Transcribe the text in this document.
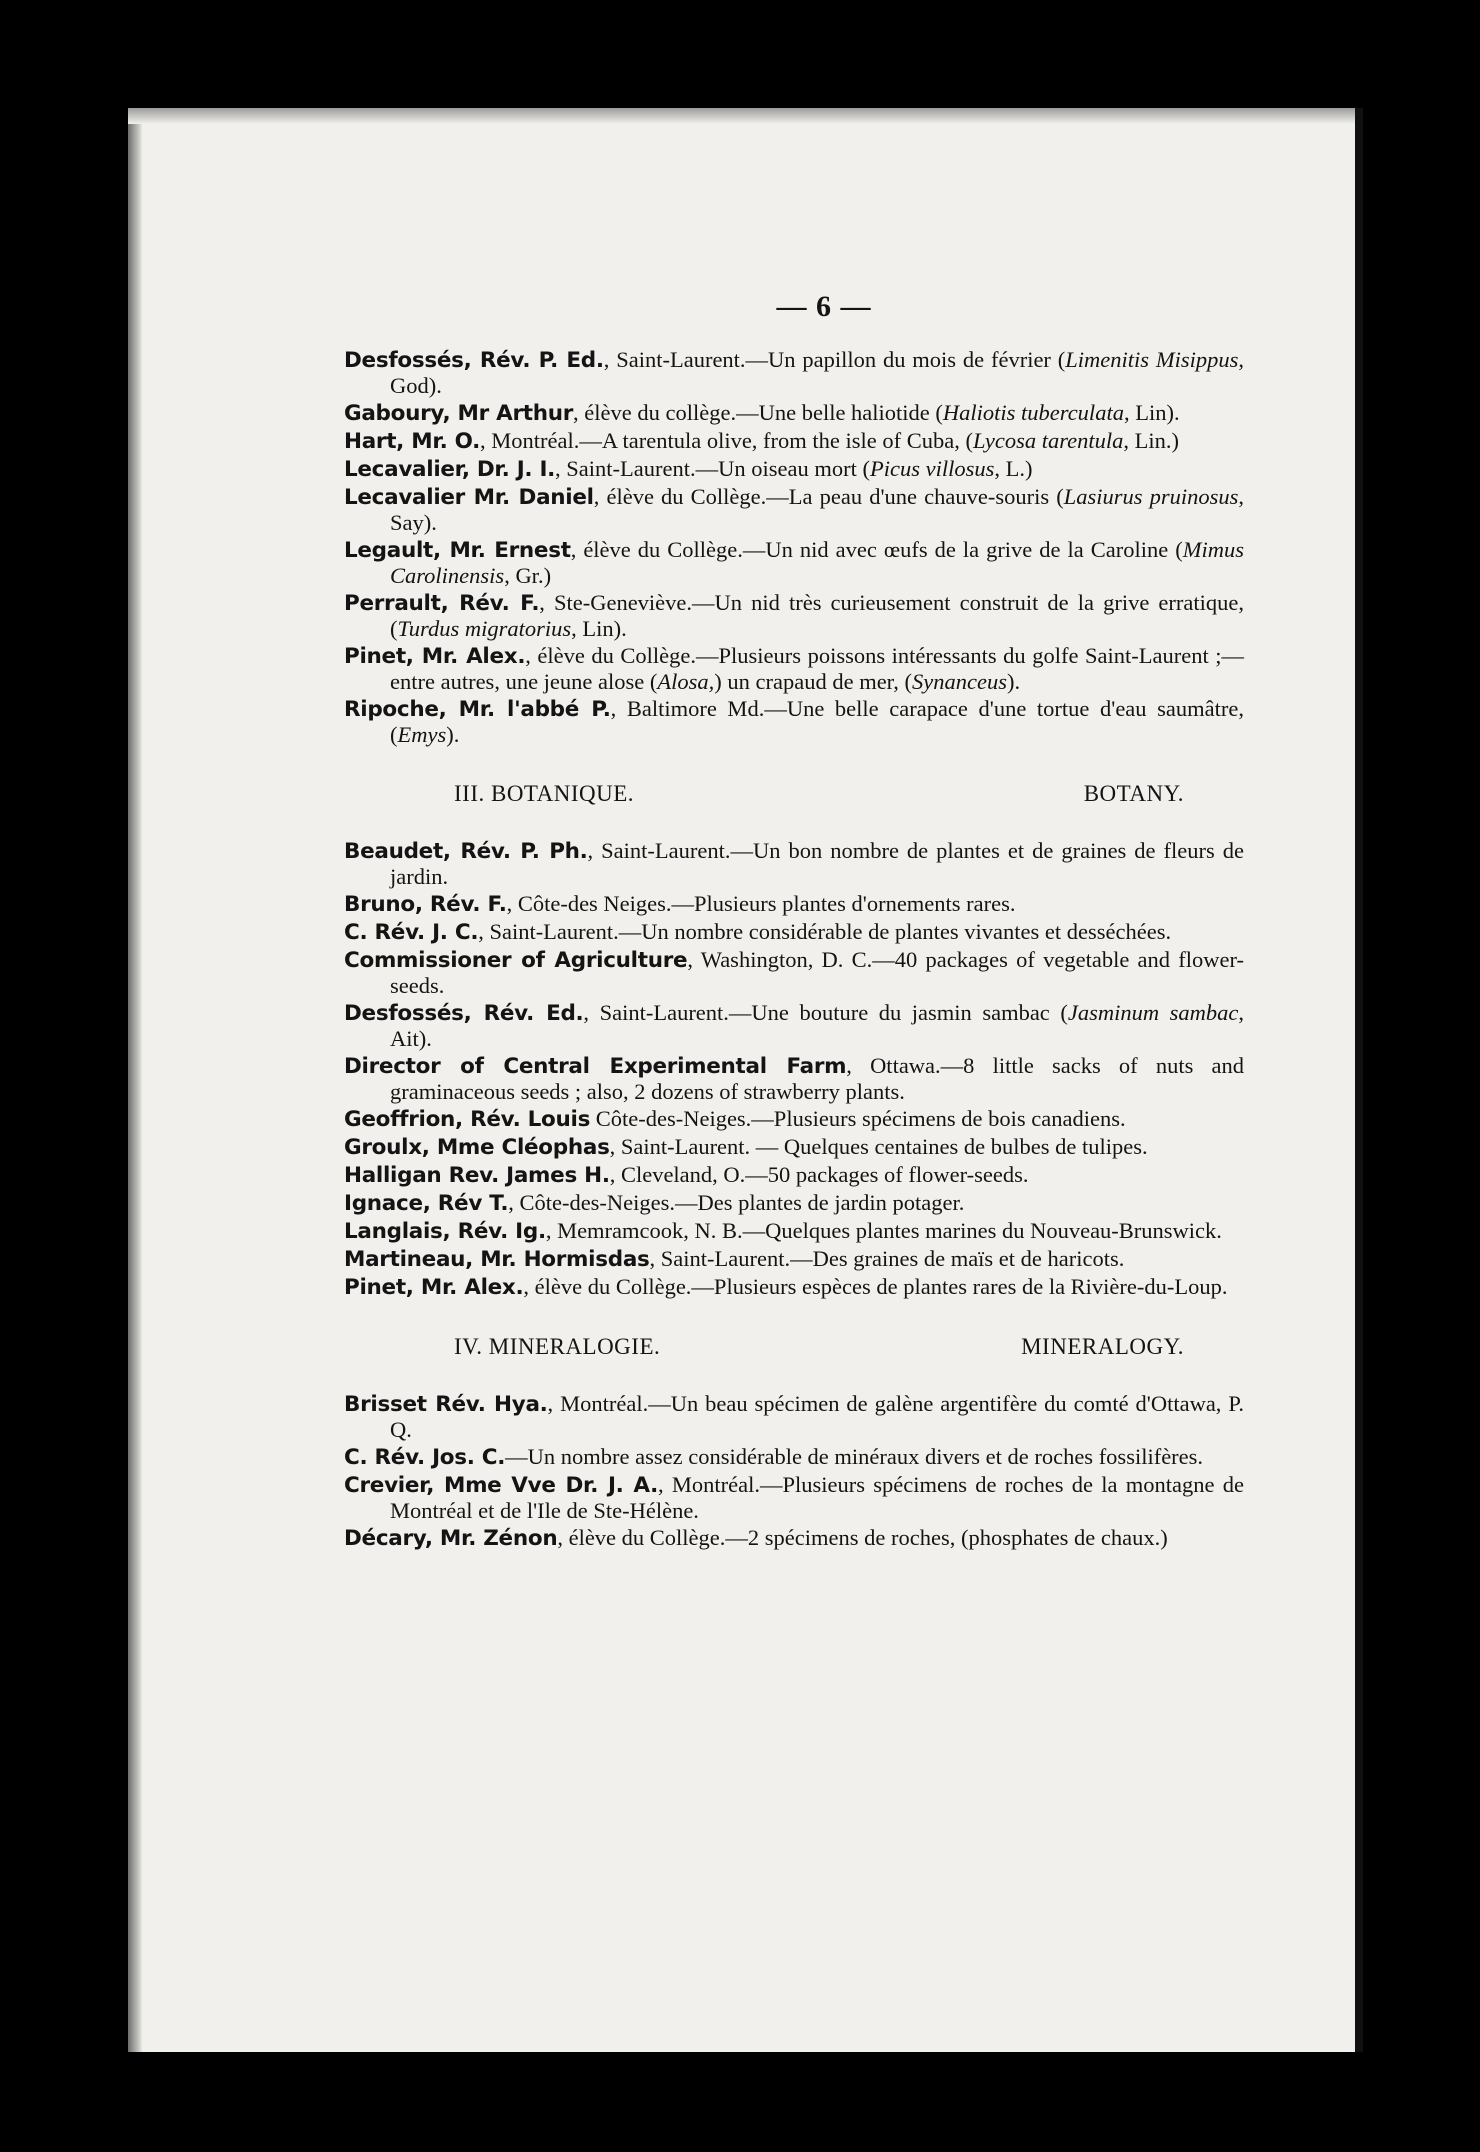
— 6 —

Desfossés, Rév. P. Ed., Saint-Laurent.—Un papillon du mois de février (Limenitis Misippus, God).

Gaboury, Mr Arthur, élève du collège.—Une belle haliotide (Haliotis tuberculata, Lin).

Hart, Mr. O., Montréal.—A tarentula olive, from the isle of Cuba, (Lycosa tarentula, Lin.)

Lecavalier, Dr. J. I., Saint-Laurent.—Un oiseau mort (Picus villosus, L.)

Lecavalier Mr. Daniel, élève du Collège.—La peau d'une chauve-souris (Lasiurus pruinosus, Say).

Legault, Mr. Ernest, élève du Collège.—Un nid avec œufs de la grive de la Caroline (Mimus Carolinensis, Gr.)

Perrault, Rév. F., Ste-Geneviève.—Un nid très curieusement construit de la grive erratique, (Turdus migratorius, Lin).

Pinet, Mr. Alex., élève du Collège.—Plusieurs poissons intéressants du golfe Saint-Laurent ;—entre autres, une jeune alose (Alosa,) un crapaud de mer, (Synanceus).

Ripoche, Mr. l'abbé P., Baltimore Md.—Une belle carapace d'une tortue d'eau saumâtre, (Emys).

III. BOTANIQUE.	BOTANY.

Beaudet, Rév. P. Ph., Saint-Laurent.—Un bon nombre de plantes et de graines de fleurs de jardin.

Bruno, Rév. F., Côte-des Neiges.—Plusieurs plantes d'ornements rares.

C. Rév. J. C., Saint-Laurent.—Un nombre considérable de plantes vivantes et desséchées.

Commissioner of Agriculture, Washington, D. C.—40 packages of vegetable and flower-seeds.

Desfossés, Rév. Ed., Saint-Laurent.—Une bouture du jasmin sambac (Jasminum sambac, Ait).

Director of Central Experimental Farm, Ottawa.—8 little sacks of nuts and graminaceous seeds ; also, 2 dozens of strawberry plants.

Geoffrion, Rév. Louis Côte-des-Neiges.—Plusieurs spécimens de bois canadiens.

Groulx, Mme Cléophas, Saint-Laurent. — Quelques centaines de bulbes de tulipes.

Halligan Rev. James H., Cleveland, O.—50 packages of flower-seeds.

Ignace, Rév T., Côte-des-Neiges.—Des plantes de jardin potager.

Langlais, Rév. Ig., Memramcook, N. B.—Quelques plantes marines du Nouveau-Brunswick.

Martineau, Mr. Hormisdas, Saint-Laurent.—Des graines de maïs et de haricots.

Pinet, Mr. Alex., élève du Collège.—Plusieurs espèces de plantes rares de la Rivière-du-Loup.

IV. MINERALOGIE.	MINERALOGY.

Brisset Rév. Hya., Montréal.—Un beau spécimen de galène argentifère du comté d'Ottawa, P. Q.

C. Rév. Jos. C.—Un nombre assez considérable de minéraux divers et de roches fossilifères.

Crevier, Mme Vve Dr. J. A., Montréal.—Plusieurs spécimens de roches de la montagne de Montréal et de l'Ile de Ste-Hélène.

Décary, Mr. Zénon, élève du Collège.—2 spécimens de roches, (phosphates de chaux.)
